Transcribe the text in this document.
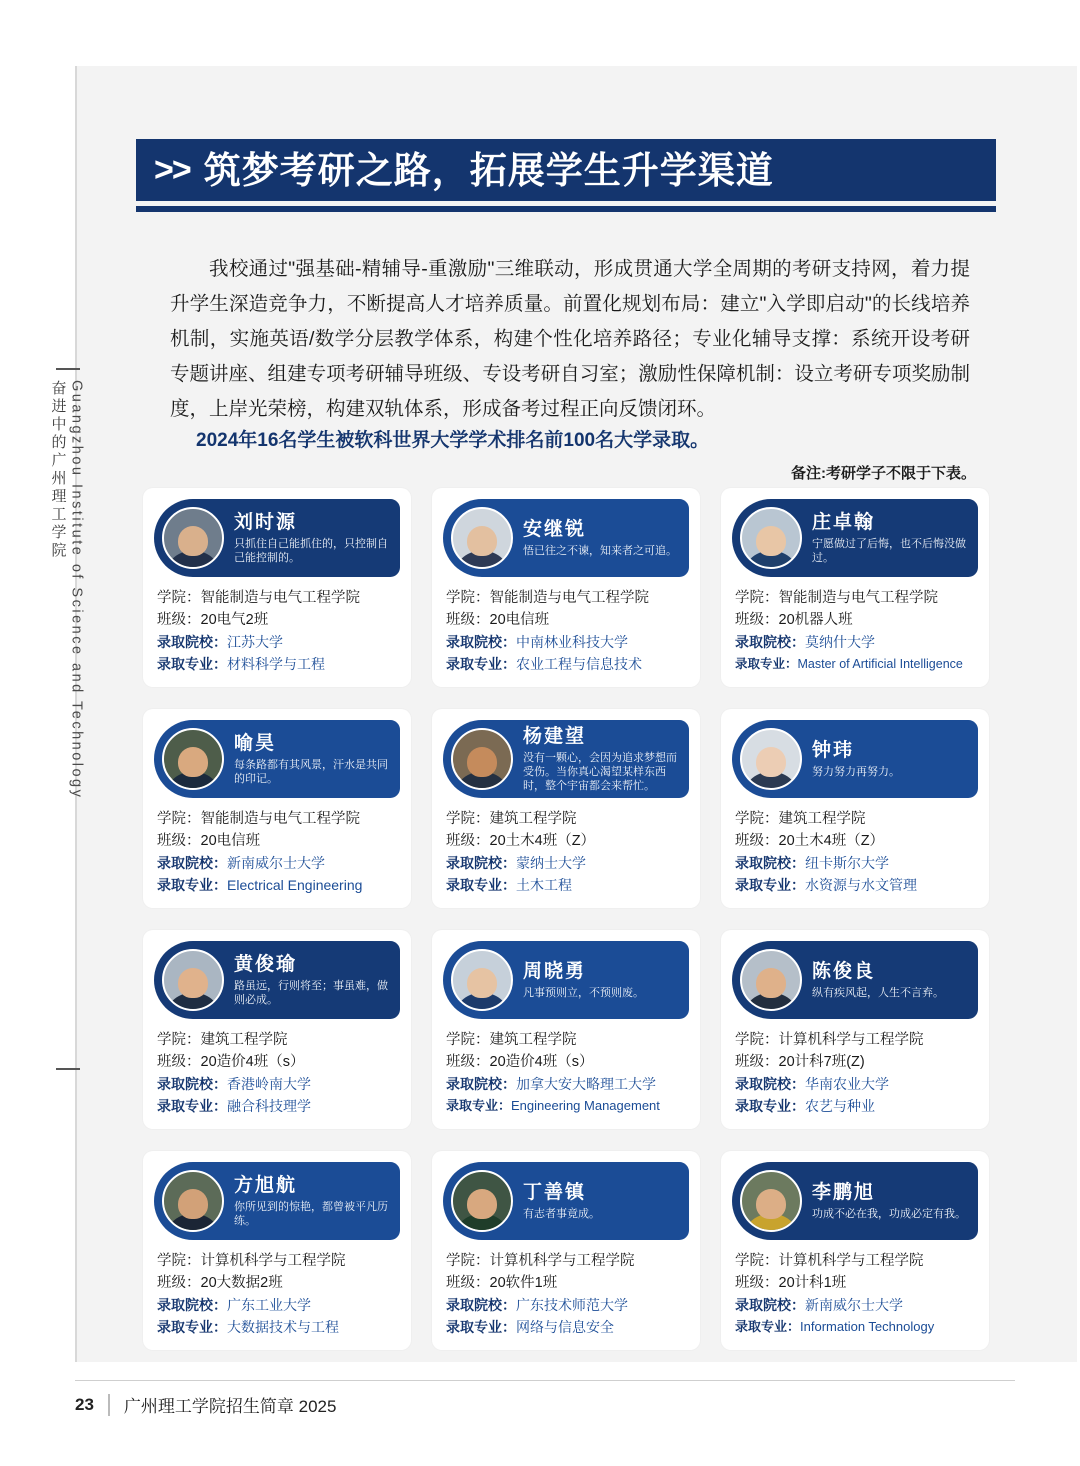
奋进中的广州理工学院 Guangzhou Institute of Science and Technology
>> 筑梦考研之路，拓展学生升学渠道
我校通过"强基础-精辅导-重激励"三维联动，形成贯通大学全周期的考研支持网，着力提升学生深造竞争力，不断提高人才培养质量。前置化规划布局：建立"入学即启动"的长线培养机制，实施英语/数学分层教学体系，构建个性化培养路径；专业化辅导支撑：系统开设考研专题讲座、组建专项考研辅导班级、专设考研自习室；激励性保障机制：设立考研专项奖励制度，上岸光荣榜，构建双轨体系，形成备考过程正向反馈闭环。
2024年16名学生被软科世界大学学术排名前100名大学录取。
备注:考研学子不限于下表。
刘时源
只抓住自己能抓住的，只控制自己能控制的。
学院：智能制造与电气工程学院
班级：20电气2班
录取院校：江苏大学
录取专业：材料科学与工程
安继锐
悟已往之不谏，知来者之可追。
学院：智能制造与电气工程学院
班级：20电信班
录取院校：中南林业科技大学
录取专业：农业工程与信息技术
庄卓翰
宁愿做过了后悔，也不后悔没做过。
学院：智能制造与电气工程学院
班级：20机器人班
录取院校：莫纳什大学
录取专业：Master of Artificial Intelligence
喻昊
每条路都有其风景，汗水是共同的印记。
学院：智能制造与电气工程学院
班级：20电信班
录取院校：新南威尔士大学
录取专业：Electrical Engineering
杨建望
没有一颗心，会因为追求梦想而受伤。当你真心渴望某样东西时，整个宇宙都会来帮忙。
学院：建筑工程学院
班级：20土木4班（Z）
录取院校：蒙纳士大学
录取专业：土木工程
钟玮
努力努力再努力。
学院：建筑工程学院
班级：20土木4班（Z）
录取院校：纽卡斯尔大学
录取专业：水资源与水文管理
黄俊瑜
路虽远，行则将至；事虽难，做则必成。
学院：建筑工程学院
班级：20造价4班（s）
录取院校：香港岭南大学
录取专业：融合科技理学
周晓勇
凡事预则立，不预则废。
学院：建筑工程学院
班级：20造价4班（s）
录取院校：加拿大安大略理工大学
录取专业：Engineering Management
陈俊良
纵有疾风起，人生不言弃。
学院：计算机科学与工程学院
班级：20计科7班(Z)
录取院校：华南农业大学
录取专业：农艺与种业
方旭航
你所见到的惊艳，都曾被平凡历练。
学院：计算机科学与工程学院
班级：20大数据2班
录取院校：广东工业大学
录取专业：大数据技术与工程
丁善镇
有志者事竟成。
学院：计算机科学与工程学院
班级：20软件1班
录取院校：广东技术师范大学
录取专业：网络与信息安全
李鹏旭
功成不必在我，功成必定有我。
学院：计算机科学与工程学院
班级：20计科1班
录取院校：新南威尔士大学
录取专业：Information Technology
23 广州理工学院招生简章 2025
